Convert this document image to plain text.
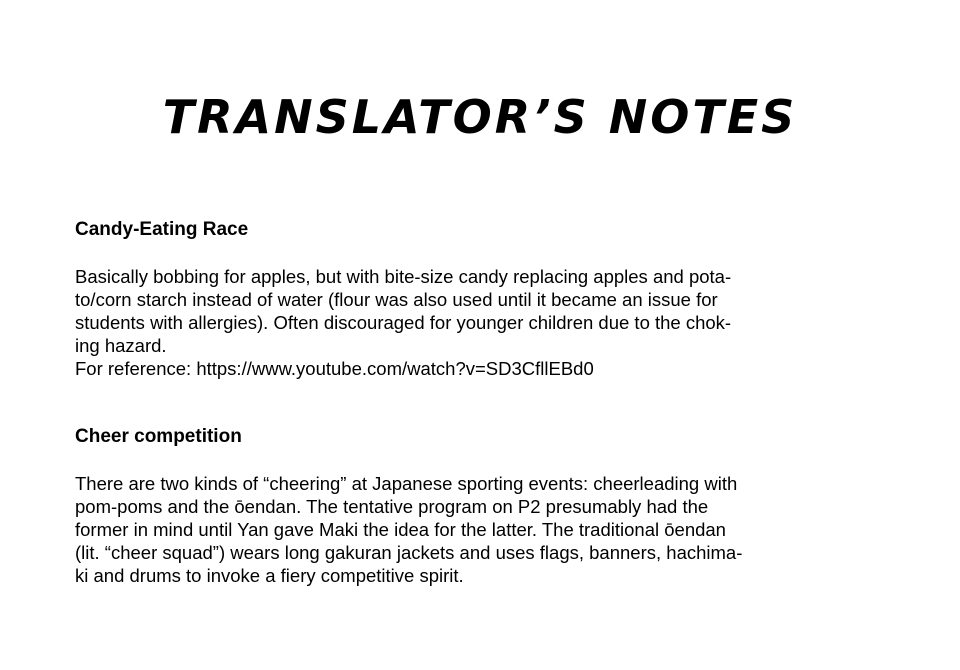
TRANSLATOR’S NOTES
Candy-Eating Race
Basically bobbing for apples, but with bite-size candy replacing apples and pota-
to/corn starch instead of water (flour was also used until it became an issue for
students with allergies). Often discouraged for younger children due to the chok-
ing hazard.
For reference: https://www.youtube.com/watch?v=SD3CfllEBd0
Cheer competition
There are two kinds of “cheering” at Japanese sporting events: cheerleading with
pom-poms and the ōendan. The tentative program on P2 presumably had the
former in mind until Yan gave Maki the idea for the latter. The traditional ōendan
(lit. “cheer squad”) wears long gakuran jackets and uses flags, banners, hachima-
ki and drums to invoke a fiery competitive spirit.
